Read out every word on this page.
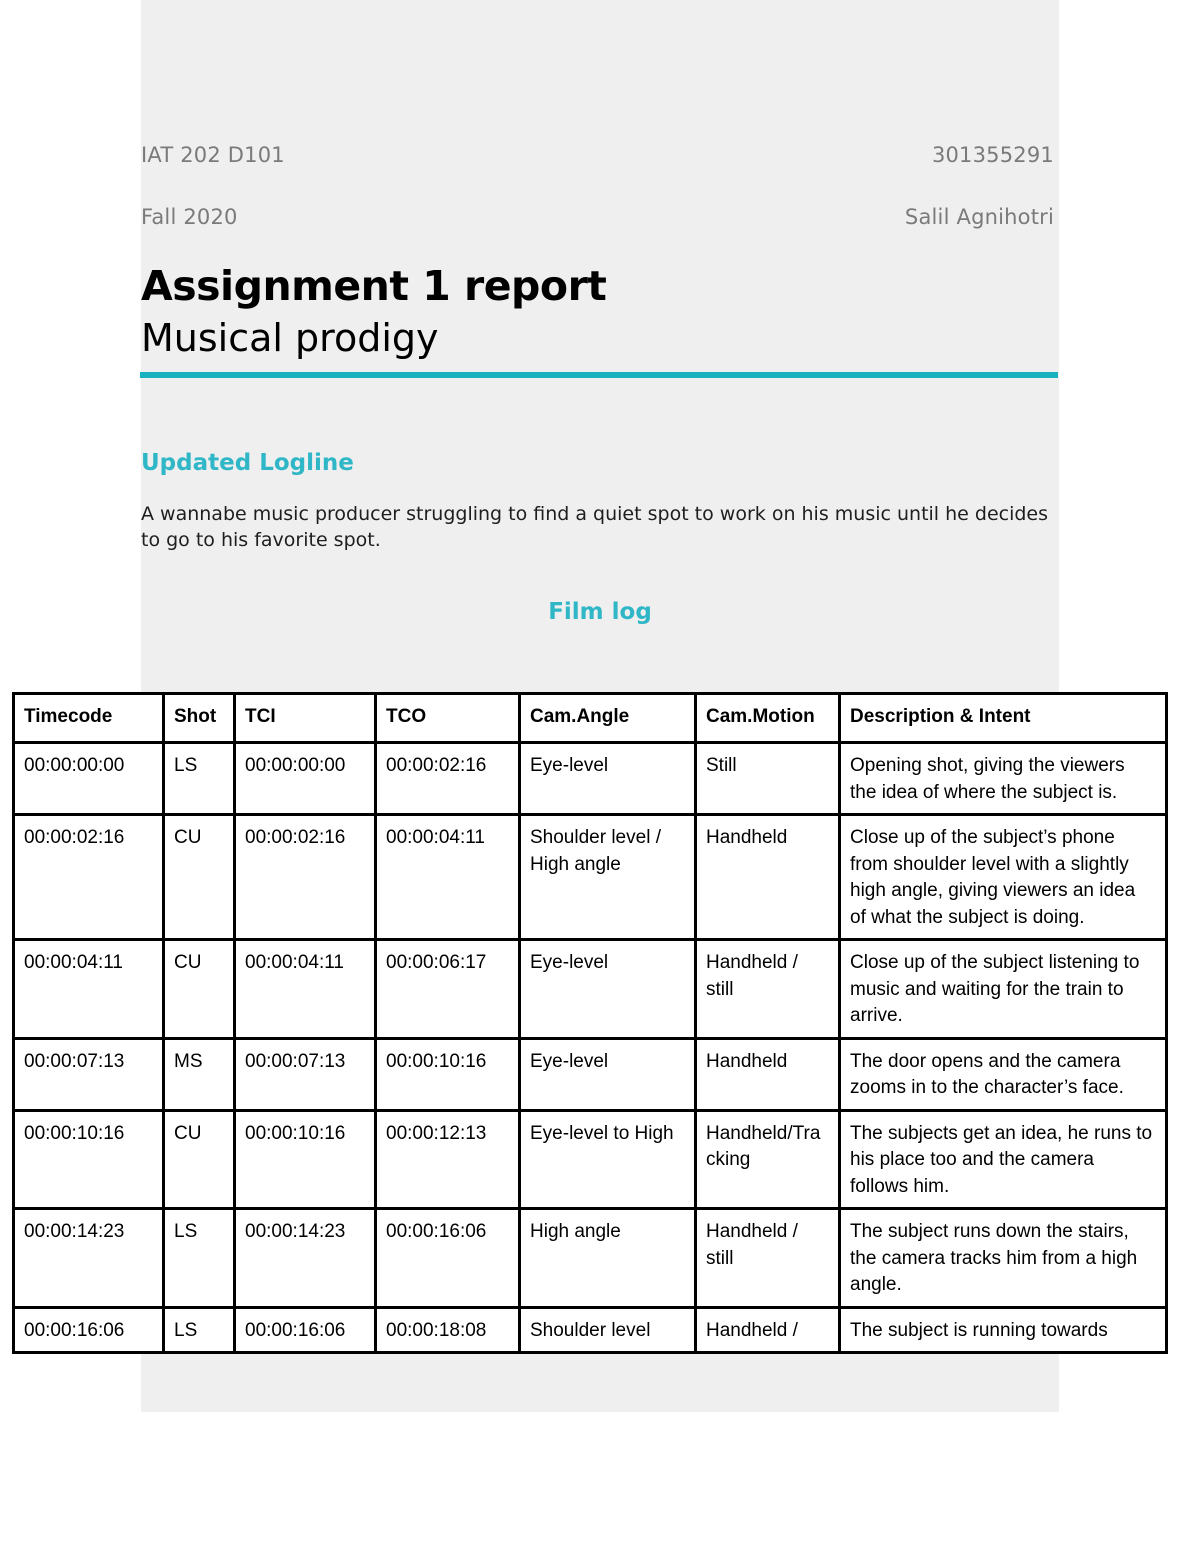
IAT 202 D101	301355291
Fall 2020	Salil Agnihotri
Assignment 1 report
Musical prodigy
Updated Logline
A wannabe music producer struggling to find a quiet spot to work on his music until he decides to go to his favorite spot.
Film log
Timecode	Shot	TCI	TCO	Cam.Angle	Cam.Motion	Description & Intent
00:00:00:00	LS	00:00:00:00	00:00:02:16	Eye-level	Still	Opening shot, giving the viewers the idea of where the subject is.
00:00:02:16	CU	00:00:02:16	00:00:04:11	Shoulder level / High angle	Handheld	Close up of the subject’s phone from shoulder level with a slightly high angle, giving viewers an idea of what the subject is doing.
00:00:04:11	CU	00:00:04:11	00:00:06:17	Eye-level	Handheld / still	Close up of the subject listening to music and waiting for the train to arrive.
00:00:07:13	MS	00:00:07:13	00:00:10:16	Eye-level	Handheld	The door opens and the camera zooms in to the character’s face.
00:00:10:16	CU	00:00:10:16	00:00:12:13	Eye-level to High	Handheld/Tracking	The subjects get an idea, he runs to his place too and the camera follows him.
00:00:14:23	LS	00:00:14:23	00:00:16:06	High angle	Handheld / still	The subject runs down the stairs, the camera tracks him from a high angle.
00:00:16:06	LS	00:00:16:06	00:00:18:08	Shoulder level	Handheld /	The subject is running towards
